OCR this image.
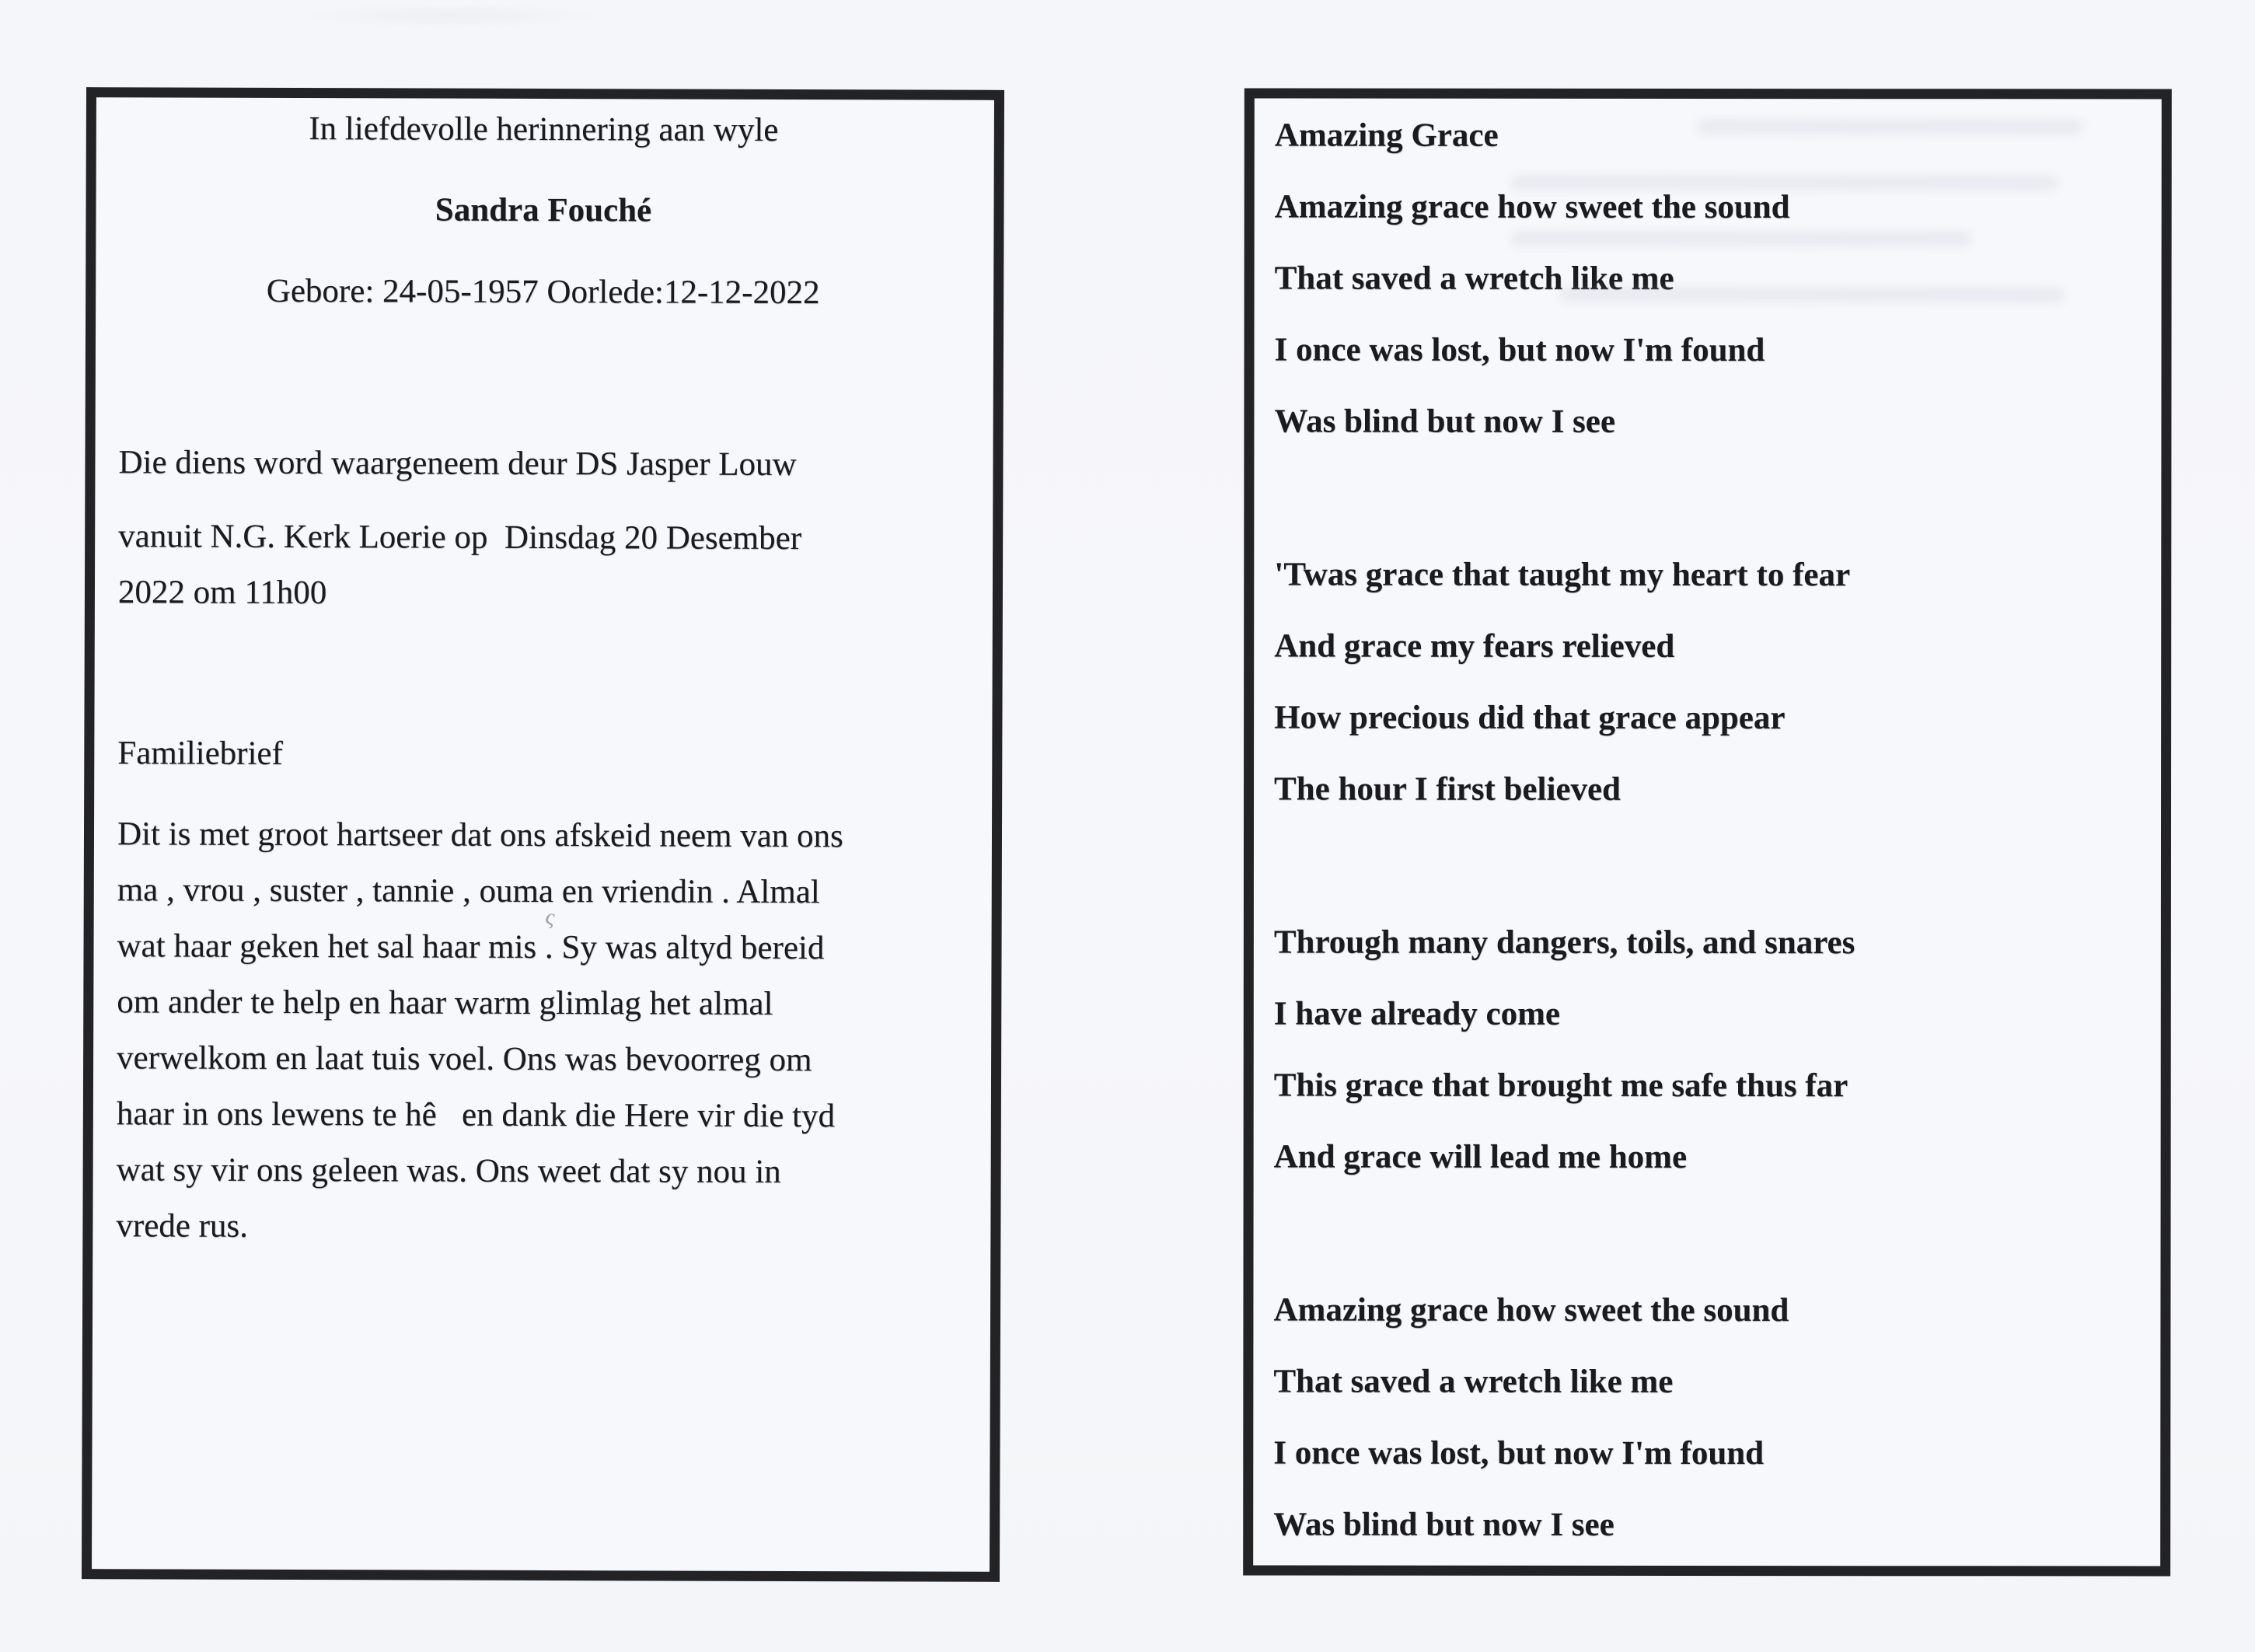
In liefdevolle herinnering aan wyle
Sandra Fouché
Gebore: 24-05-1957 Oorlede:12-12-2022

Die diens word waargeneem deur DS Jasper Louw

vanuit N.G. Kerk Loerie op  Dinsdag 20 Desember
2022 om 11h00

Familiebrief

Dit is met groot hartseer dat ons afskeid neem van ons
ma , vrou , suster , tannie , ouma en vriendin . Almal
wat haar geken het sal haar mis . Sy was altyd bereid
om ander te help en haar warm glimlag het almal
verwelkom en laat tuis voel. Ons was bevoorreg om
haar in ons lewens te hê   en dank die Here vir die tyd
wat sy vir ons geleen was. Ons weet dat sy nou in
vrede rus.

Amazing Grace
Amazing grace how sweet the sound
That saved a wretch like me
I once was lost, but now I'm found
Was blind but now I see
'Twas grace that taught my heart to fear
And grace my fears relieved
How precious did that grace appear
The hour I first believed
Through many dangers, toils, and snares
I have already come
This grace that brought me safe thus far
And grace will lead me home
Amazing grace how sweet the sound
That saved a wretch like me
I once was lost, but now I'm found
Was blind but now I see
ς
